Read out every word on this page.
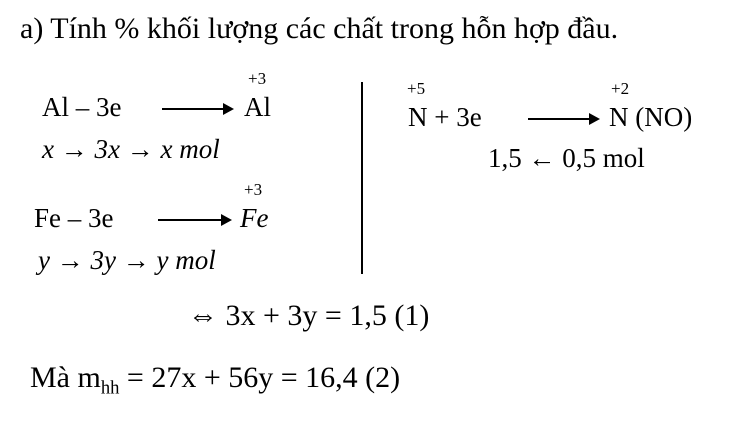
a) Tính % khối lượng các chất trong hỗn hợp đầu.
+3
Al – 3e	Al
x → 3x → x mol
+3
Fe – 3e	Fe
y → 3y → y mol
+5	+2
N + 3e	N (NO)
1,5 ← 0,5 mol
⇔ 3x + 3y = 1,5 (1)
Mà $m_{hh} = 27x + 56y = 16,4$ (2)
